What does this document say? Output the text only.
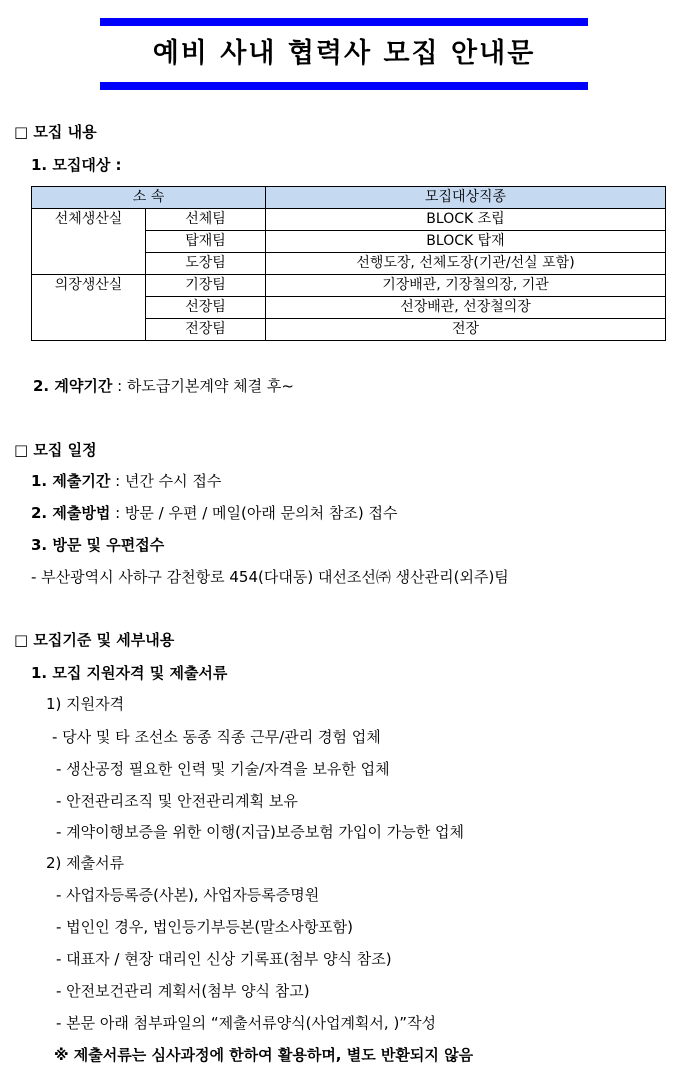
예비 사내 협력사 모집 안내문
□ 모집 내용
1. 모집대상 :
소 속		모집대상직종
선체생산실	선체팀	BLOCK 조립
	탑재팀	BLOCK 탑재
	도장팀	선행도장, 선체도장(기관/선실 포함)
의장생산실	기장팀	기장배관, 기장철의장, 기관
	선장팀	선장배관, 선장철의장
	전장팀	전장
2. 계약기간 : 하도급기본계약 체결 후~
□ 모집 일정
1. 제출기간 : 년간 수시 접수
2. 제출방법 : 방문 / 우편 / 메일(아래 문의처 참조) 접수
3. 방문 및 우편접수
- 부산광역시 사하구 감천항로 454(다대동) 대선조선㈜ 생산관리(외주)팀
□ 모집기준 및 세부내용
1. 모집 지원자격 및 제출서류
1) 지원자격
- 당사 및 타 조선소 동종 직종 근무/관리 경험 업체
- 생산공정 필요한 인력 및 기술/자격을 보유한 업체
- 안전관리조직 및 안전관리계획 보유
- 계약이행보증을 위한 이행(지급)보증보험 가입이 가능한 업체
2) 제출서류
- 사업자등록증(사본), 사업자등록증명원
- 법인인 경우, 법인등기부등본(말소사항포함)
- 대표자 / 현장 대리인 신상 기록표(첨부 양식 참조)
- 안전보건관리 계획서(첨부 양식 참고)
- 본문 아래 첨부파일의 “제출서류양식(사업계획서, )”작성
※ 제출서류는 심사과정에 한하여 활용하며, 별도 반환되지 않음
